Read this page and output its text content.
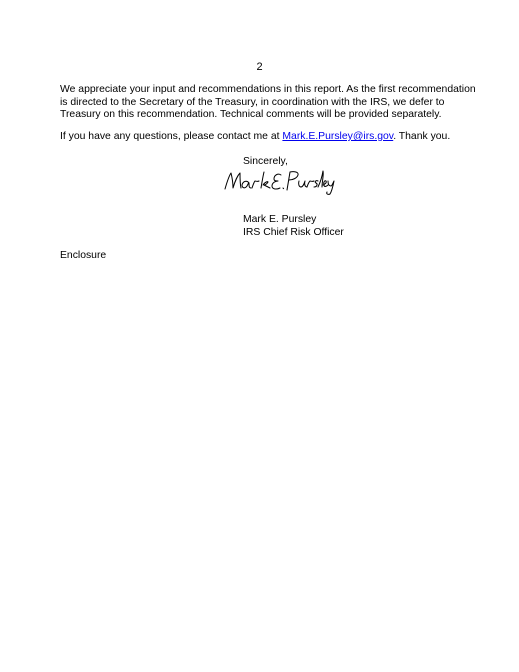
2

We appreciate your input and recommendations in this report. As the first recommendation is directed to the Secretary of the Treasury, in coordination with the IRS, we defer to Treasury on this recommendation. Technical comments will be provided separately.

If you have any questions, please contact me at Mark.E.Pursley@irs.gov. Thank you.

Sincerely,
Mark E. Pursley
IRS Chief Risk Officer
Enclosure
